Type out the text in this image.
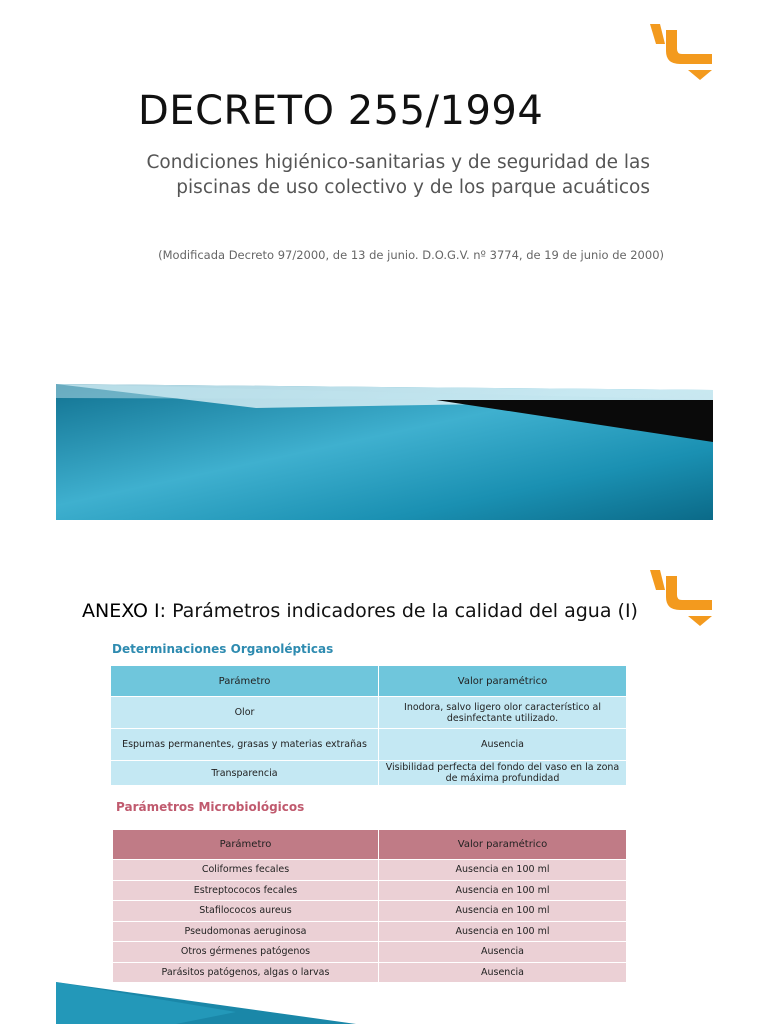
DECRETO 255/1994
Condiciones higiénico-sanitarias y de seguridad de las
piscinas de uso colectivo y de los parque acuáticos
(Modificada Decreto 97/2000, de 13 de junio. D.O.G.V. nº 3774, de 19 de junio de 2000)
ANEXO I: Parámetros indicadores de la calidad del agua (I)
Determinaciones Organolépticas
Parámetro	Valor paramétrico
Olor	Inodora, salvo ligero olor característico al desinfectante utilizado.
Espumas permanentes, grasas y materias extrañas	Ausencia
Transparencia	Visibilidad perfecta del fondo del vaso en la zona de máxima profundidad
Parámetros Microbiológicos
Parámetro	Valor paramétrico
Coliformes fecales	Ausencia en 100 ml
Estreptococos fecales	Ausencia en 100 ml
Stafilococos aureus	Ausencia en 100 ml
Pseudomonas aeruginosa	Ausencia en 100 ml
Otros gérmenes patógenos	Ausencia
Parásitos patógenos, algas o larvas	Ausencia
